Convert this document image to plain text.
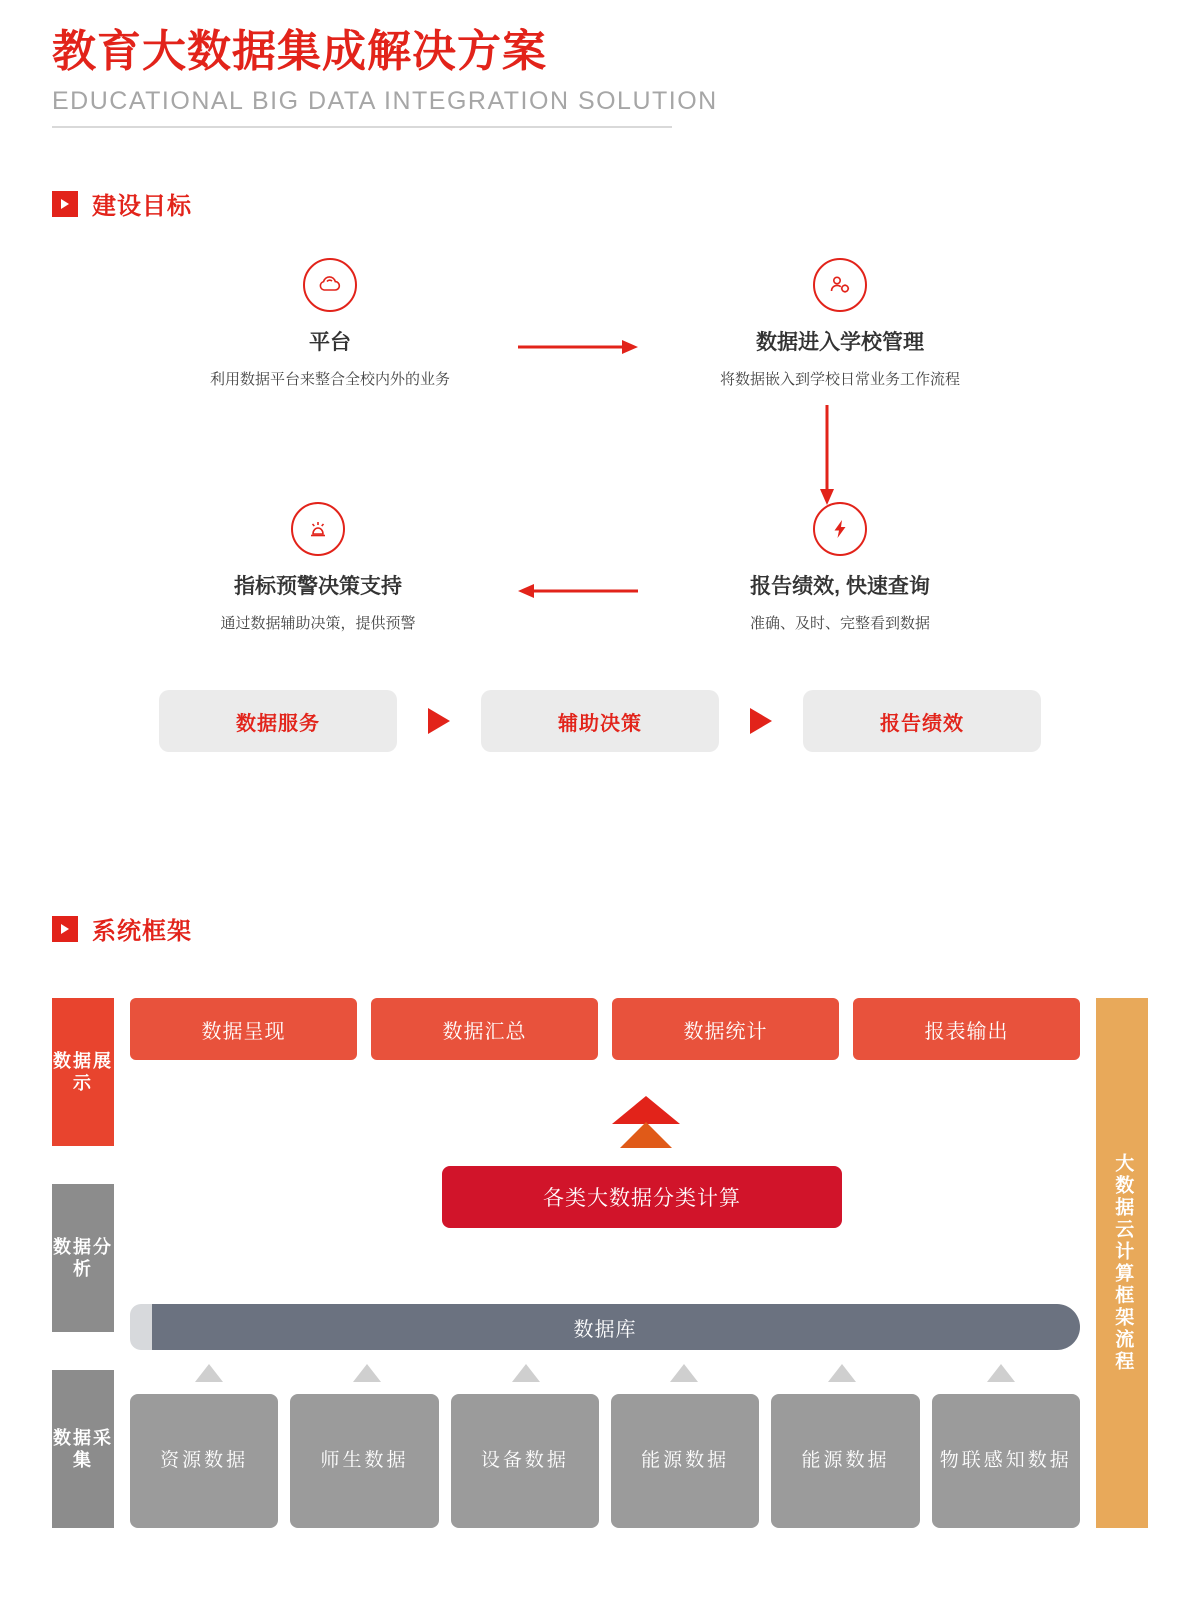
教育大数据集成解决方案
EDUCATIONAL BIG DATA INTEGRATION SOLUTION
建设目标
平台
利用数据平台来整合全校内外的业务
数据进入学校管理
将数据嵌入到学校日常业务工作流程
指标预警决策支持
通过数据辅助决策，提供预警
报告绩效, 快速查询
准确、及时、完整看到数据
数据服务	辅助决策	报告绩效
系统框架
数据展示
数据分析
数据采集
数据呈现	数据汇总	数据统计	报表输出
各类大数据分类计算
数据库
资源数据	师生数据	设备数据	能源数据	能源数据	物联感知数据
大数据云计算框架流程
